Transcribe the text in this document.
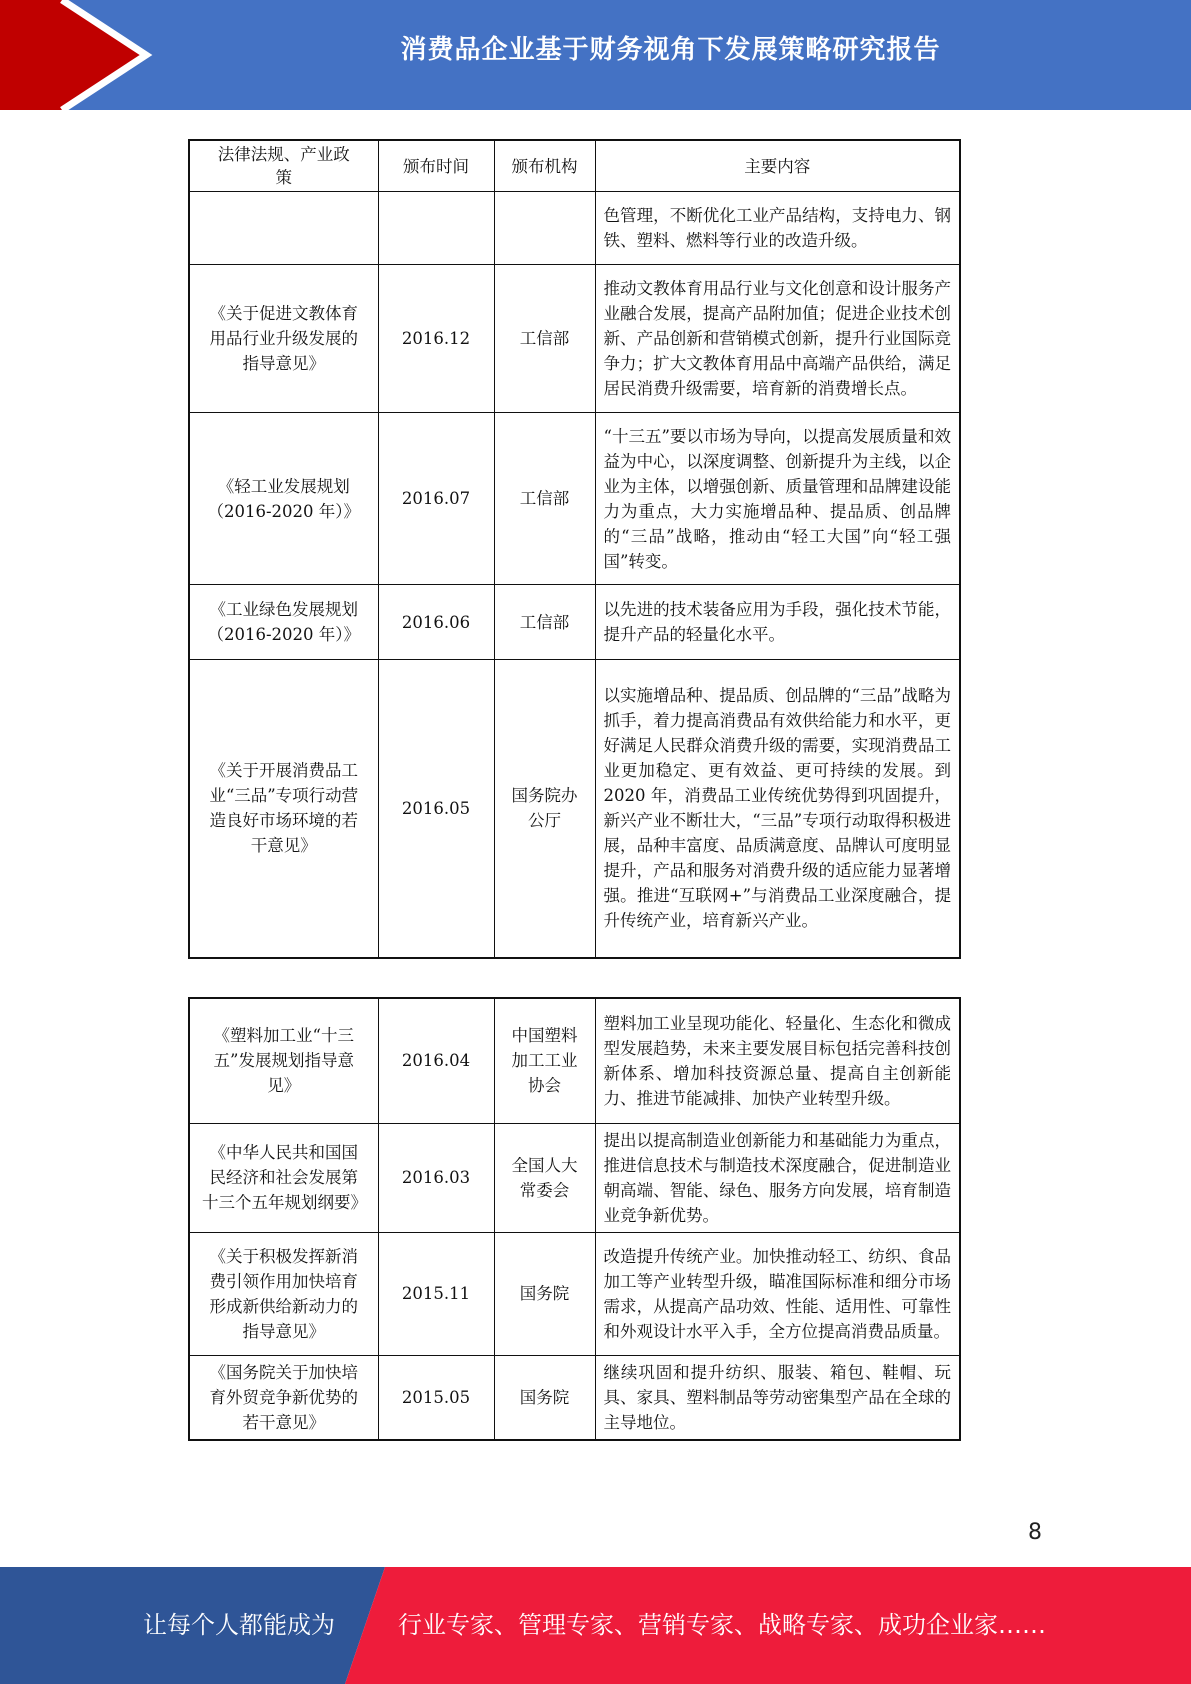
消费品企业基于财务视角下发展策略研究报告
法律法规、产业政策	颁布时间	颁布机构	主要内容
			色管理，不断优化工业产品结构，支持电力、钢铁、塑料、燃料等行业的改造升级。
《关于促进文教体育用品行业升级发展的指导意见》	2016.12	工信部	推动文教体育用品行业与文化创意和设计服务产业融合发展，提高产品附加值；促进企业技术创新、产品创新和营销模式创新，提升行业国际竞争力；扩大文教体育用品中高端产品供给，满足居民消费升级需要，培育新的消费增长点。
《轻工业发展规划（2016-2020 年）》	2016.07	工信部	“十三五”要以市场为导向，以提高发展质量和效益为中心，以深度调整、创新提升为主线，以企业为主体，以增强创新、质量管理和品牌建设能力为重点，大力实施增品种、提品质、创品牌的“三品”战略，推动由“轻工大国”向“轻工强国”转变。
《工业绿色发展规划（2016-2020 年）》	2016.06	工信部	以先进的技术装备应用为手段，强化技术节能，提升产品的轻量化水平。
《关于开展消费品工业“三品”专项行动营造良好市场环境的若干意见》	2016.05	国务院办公厅	以实施增品种、提品质、创品牌的“三品”战略为抓手，着力提高消费品有效供给能力和水平，更好满足人民群众消费升级的需要，实现消费品工业更加稳定、更有效益、更可持续的发展。到 2020 年，消费品工业传统优势得到巩固提升，新兴产业不断壮大，“三品”专项行动取得积极进展，品种丰富度、品质满意度、品牌认可度明显提升，产品和服务对消费升级的适应能力显著增强。推进“互联网+”与消费品工业深度融合，提升传统产业，培育新兴产业。
《塑料加工业“十三五”发展规划指导意见》	2016.04	中国塑料加工工业协会	塑料加工业呈现功能化、轻量化、生态化和微成型发展趋势，未来主要发展目标包括完善科技创新体系、增加科技资源总量、提高自主创新能力、推进节能减排、加快产业转型升级。
《中华人民共和国国民经济和社会发展第十三个五年规划纲要》	2016.03	全国人大常委会	提出以提高制造业创新能力和基础能力为重点，推进信息技术与制造技术深度融合，促进制造业朝高端、智能、绿色、服务方向发展，培育制造业竞争新优势。
《关于积极发挥新消费引领作用加快培育形成新供给新动力的指导意见》	2015.11	国务院	改造提升传统产业。加快推动轻工、纺织、食品加工等产业转型升级，瞄准国际标准和细分市场需求，从提高产品功效、性能、适用性、可靠性和外观设计水平入手，全方位提高消费品质量。
《国务院关于加快培育外贸竞争新优势的若干意见》	2015.05	国务院	继续巩固和提升纺织、服装、箱包、鞋帽、玩具、家具、塑料制品等劳动密集型产品在全球的主导地位。
8
让每个人都能成为	行业专家、管理专家、营销专家、战略专家、成功企业家……
